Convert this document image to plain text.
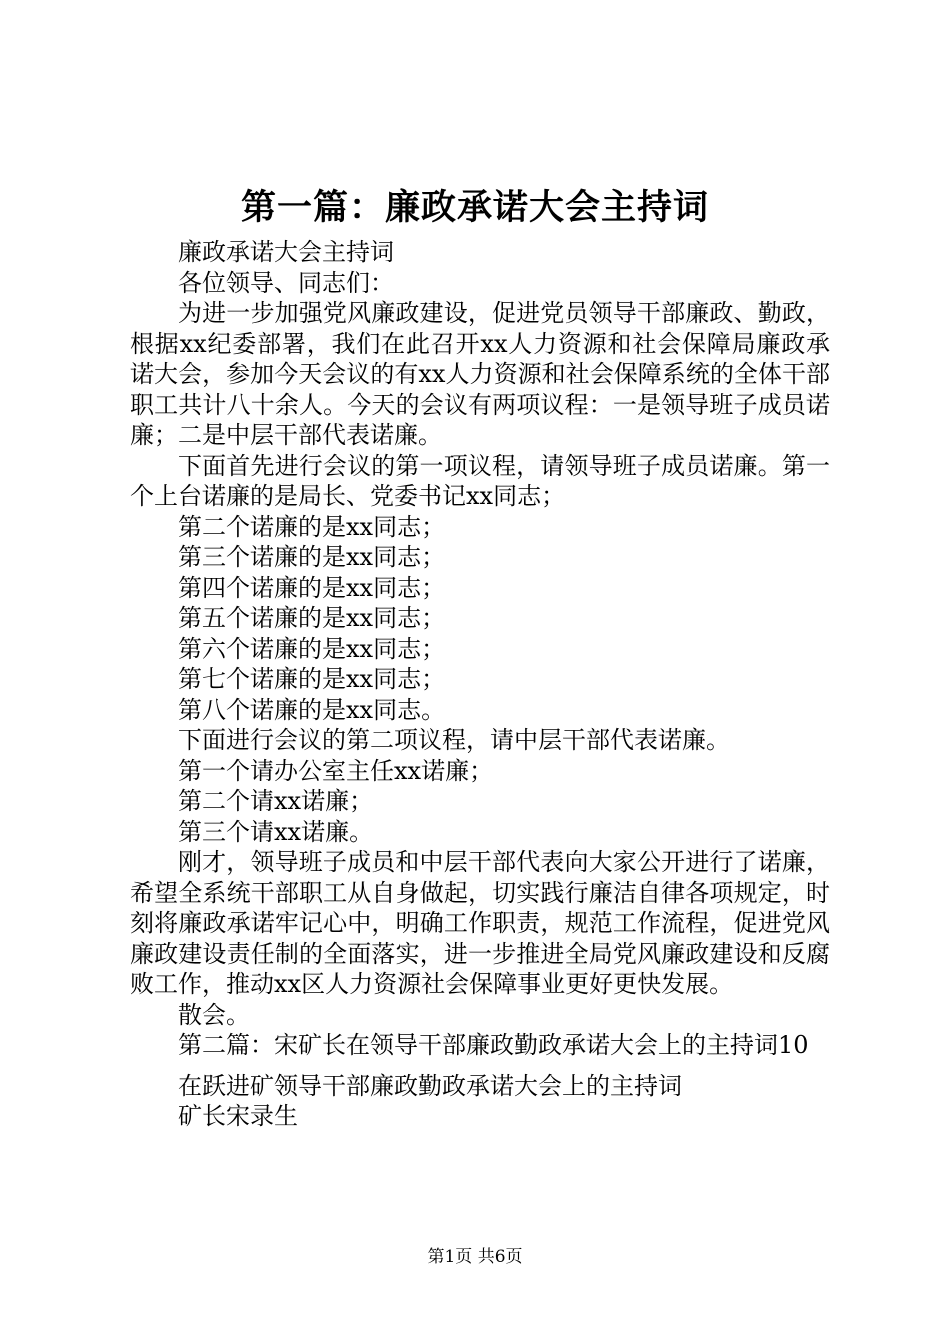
第一篇：廉政承诺大会主持词

廉政承诺大会主持词

各位领导、同志们：

为进一步加强党风廉政建设，促进党员领导干部廉政、勤政，根据xx纪委部署，我们在此召开xx人力资源和社会保障局廉政承诺大会，参加今天会议的有xx人力资源和社会保障系统的全体干部职工共计八十余人。今天的会议有两项议程：一是领导班子成员诺廉；二是中层干部代表诺廉。

下面首先进行会议的第一项议程，请领导班子成员诺廉。第一个上台诺廉的是局长、党委书记xx同志；

第二个诺廉的是xx同志；

第三个诺廉的是xx同志；

第四个诺廉的是xx同志；

第五个诺廉的是xx同志；

第六个诺廉的是xx同志；

第七个诺廉的是xx同志；

第八个诺廉的是xx同志。

下面进行会议的第二项议程，请中层干部代表诺廉。

第一个请办公室主任xx诺廉；

第二个请xx诺廉；

第三个请xx诺廉。

刚才，领导班子成员和中层干部代表向大家公开进行了诺廉，希望全系统干部职工从自身做起，切实践行廉洁自律各项规定，时刻将廉政承诺牢记心中，明确工作职责，规范工作流程，促进党风廉政建设责任制的全面落实，进一步推进全局党风廉政建设和反腐败工作，推动xx区人力资源社会保障事业更好更快发展。

散会。

第二篇：宋矿长在领导干部廉政勤政承诺大会上的主持词10

在跃进矿领导干部廉政勤政承诺大会上的主持词

矿长宋录生

第1页 共6页
